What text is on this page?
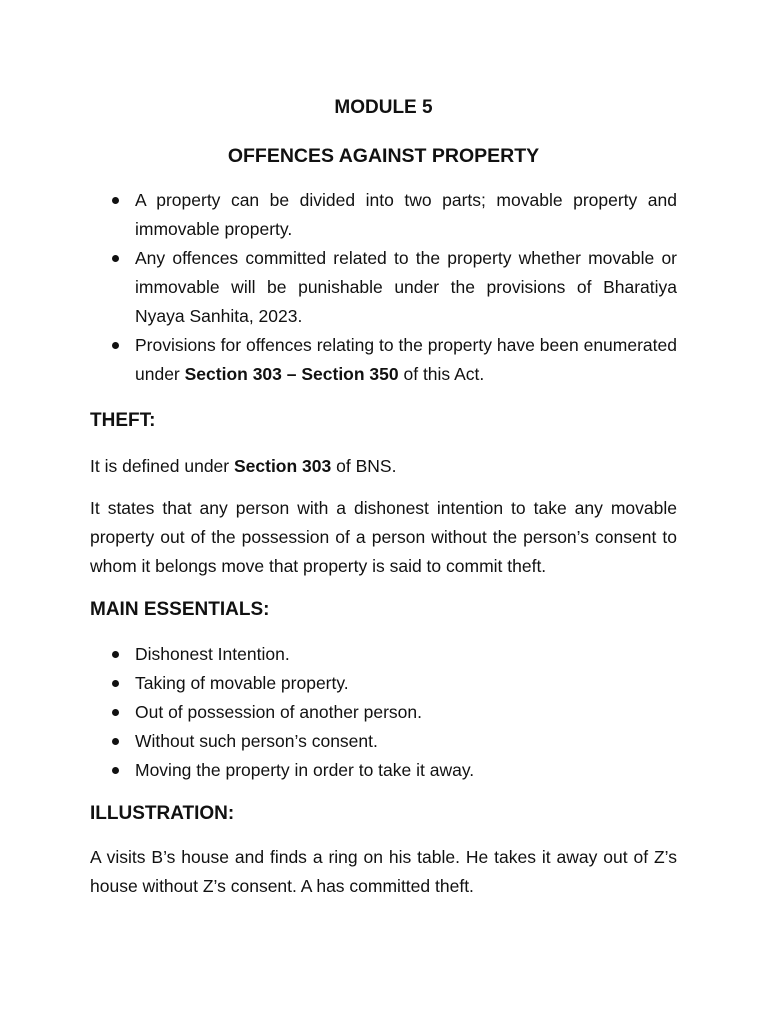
MODULE 5
OFFENCES AGAINST PROPERTY
A property can be divided into two parts; movable property and immovable property.
Any offences committed related to the property whether movable or immovable will be punishable under the provisions of Bharatiya Nyaya Sanhita, 2023.
Provisions for offences relating to the property have been enumerated under Section 303 – Section 350 of this Act.
THEFT:

It is defined under Section 303 of BNS.

It states that any person with a dishonest intention to take any movable property out of the possession of a person without the person’s consent to whom it belongs move that property is said to commit theft.

MAIN ESSENTIALS:
Dishonest Intention.
Taking of movable property.
Out of possession of another person.
Without such person’s consent.
Moving the property in order to take it away.
ILLUSTRATION:

A visits B’s house and finds a ring on his table. He takes it away out of Z’s house without Z’s consent. A has committed theft.
